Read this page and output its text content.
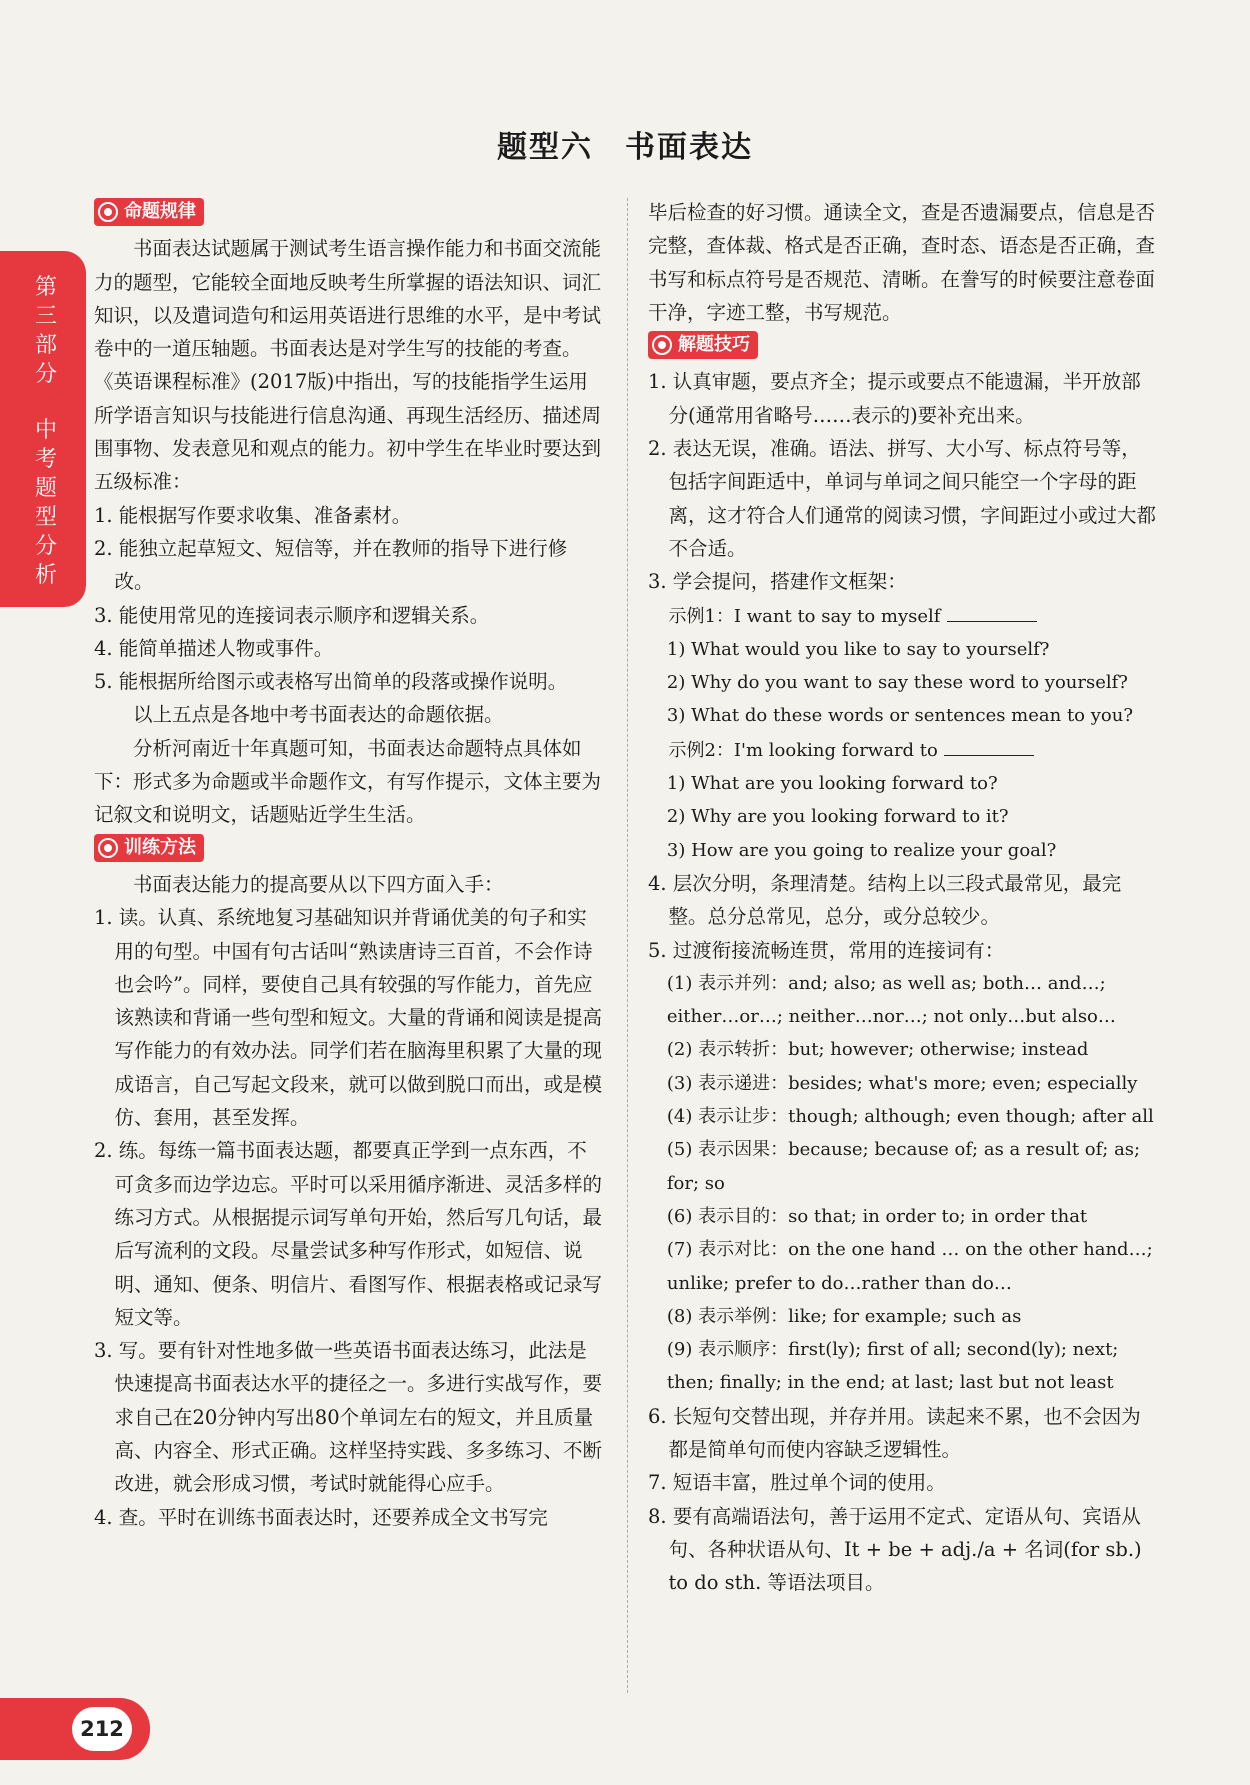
题型六　书面表达
第三部分
中考题型分析
命题规律

书面表达试题属于测试考生语言操作能力和书面交流能力的题型，它能较全面地反映考生所掌握的语法知识、词汇知识，以及遣词造句和运用英语进行思维的水平，是中考试卷中的一道压轴题。书面表达是对学生写的技能的考查。《英语课程标准》(2017版)中指出，写的技能指学生运用所学语言知识与技能进行信息沟通、再现生活经历、描述周围事物、发表意见和观点的能力。初中学生在毕业时要达到五级标准：

1. 能根据写作要求收集、准备素材。

2. 能独立起草短文、短信等，并在教师的指导下进行修改。

3. 能使用常见的连接词表示顺序和逻辑关系。

4. 能简单描述人物或事件。

5. 能根据所给图示或表格写出简单的段落或操作说明。

以上五点是各地中考书面表达的命题依据。

分析河南近十年真题可知，书面表达命题特点具体如下：形式多为命题或半命题作文，有写作提示，文体主要为记叙文和说明文，话题贴近学生生活。

训练方法

书面表达能力的提高要从以下四方面入手：

1. 读。认真、系统地复习基础知识并背诵优美的句子和实用的句型。中国有句古话叫“熟读唐诗三百首，不会作诗也会吟”。同样，要使自己具有较强的写作能力，首先应该熟读和背诵一些句型和短文。大量的背诵和阅读是提高写作能力的有效办法。同学们若在脑海里积累了大量的现成语言，自己写起文段来，就可以做到脱口而出，或是模仿、套用，甚至发挥。

2. 练。每练一篇书面表达题，都要真正学到一点东西，不可贪多而边学边忘。平时可以采用循序渐进、灵活多样的练习方式。从根据提示词写单句开始，然后写几句话，最后写流利的文段。尽量尝试多种写作形式，如短信、说明、通知、便条、明信片、看图写作、根据表格或记录写短文等。

3. 写。要有针对性地多做一些英语书面表达练习，此法是快速提高书面表达水平的捷径之一。多进行实战写作，要求自己在20分钟内写出80个单词左右的短文，并且质量高、内容全、形式正确。这样坚持实践、多多练习、不断改进，就会形成习惯，考试时就能得心应手。

4. 查。平时在训练书面表达时，还要养成全文书写完

毕后检查的好习惯。通读全文，查是否遗漏要点，信息是否完整，查体裁、格式是否正确，查时态、语态是否正确，查书写和标点符号是否规范、清晰。在誊写的时候要注意卷面干净，字迹工整，书写规范。

解题技巧

1. 认真审题，要点齐全；提示或要点不能遗漏，半开放部分(通常用省略号……表示的)要补充出来。

2. 表达无误，准确。语法、拼写、大小写、标点符号等，包括字间距适中，单词与单词之间只能空一个字母的距离，这才符合人们通常的阅读习惯，字间距过小或过大都不合适。

3. 学会提问，搭建作文框架：

示例1：I want to say to myself

1) What would you like to say to yourself?

2) Why do you want to say these word to yourself?

3) What do these words or sentences mean to you?

示例2：I'm looking forward to

1) What are you looking forward to?

2) Why are you looking forward to it?

3) How are you going to realize your goal?

4. 层次分明，条理清楚。结构上以三段式最常见，最完整。总分总常见，总分，或分总较少。

5. 过渡衔接流畅连贯，常用的连接词有：

(1) 表示并列：and; also; as well as; both… and…; either…or…; neither…nor…; not only…but also…

(2) 表示转折：but; however; otherwise; instead

(3) 表示递进：besides; what's more; even; especially

(4) 表示让步：though; although; even though; after all

(5) 表示因果：because; because of; as a result of; as; for; so

(6) 表示目的：so that; in order to; in order that

(7) 表示对比：on the one hand … on the other hand…; unlike; prefer to do…rather than do…

(8) 表示举例：like; for example; such as

(9) 表示顺序：first(ly); first of all; second(ly); next; then; finally; in the end; at last; last but not least

6. 长短句交替出现，并存并用。读起来不累，也不会因为都是简单句而使内容缺乏逻辑性。

7. 短语丰富，胜过单个词的使用。

8. 要有高端语法句，善于运用不定式、定语从句、宾语从句、各种状语从句、It + be + adj./a + 名词(for sb.) to do sth. 等语法项目。

212
